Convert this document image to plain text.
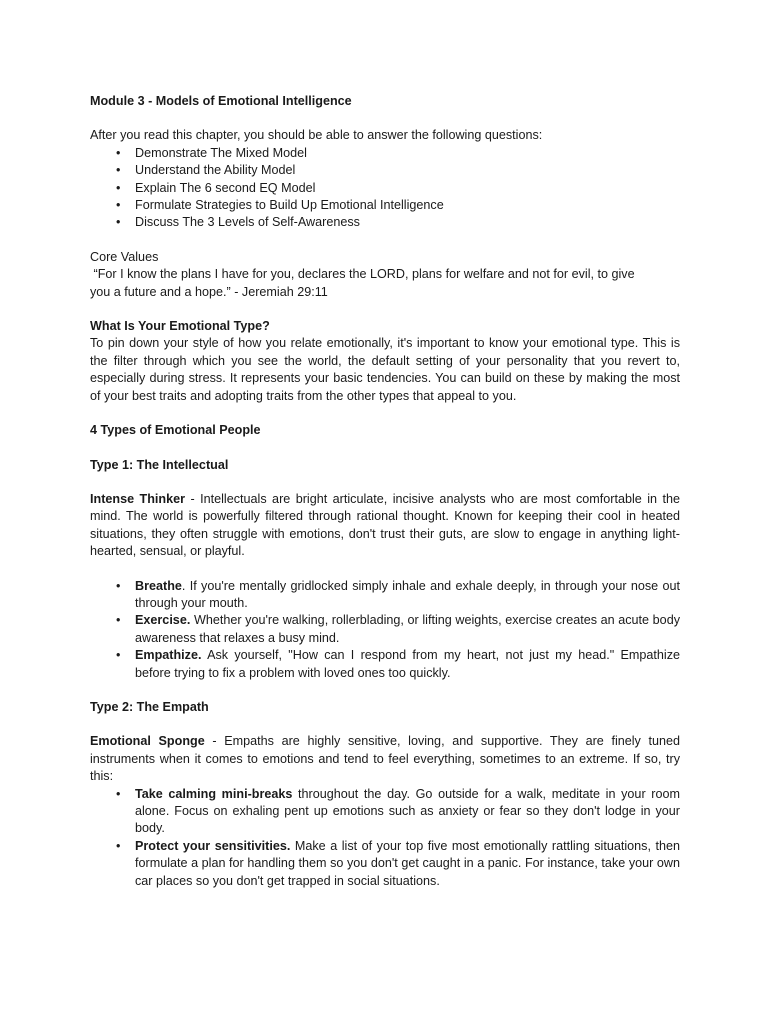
Module 3 - Models of Emotional Intelligence

After you read this chapter, you should be able to answer the following questions:

• Demonstrate The Mixed Model
• Understand the Ability Model
• Explain The 6 second EQ Model
• Formulate Strategies to Build Up Emotional Intelligence
• Discuss The 3 Levels of Self-Awareness

Core Values

“For I know the plans I have for you, declares the LORD, plans for welfare and not for evil, to give

you a future and a hope.” - Jeremiah 29:11

What Is Your Emotional Type?

To pin down your style of how you relate emotionally, it's important to know your emotional type. This is the filter through which you see the world, the default setting of your personality that you revert to, especially during stress. It represents your basic tendencies. You can build on these by making the most of your best traits and adopting traits from the other types that appeal to you.

4 Types of Emotional People

Type 1: The Intellectual

Intense Thinker - Intellectuals are bright articulate, incisive analysts who are most comfortable in the mind. The world is powerfully filtered through rational thought. Known for keeping their cool in heated situations, they often struggle with emotions, don't trust their guts, are slow to engage in anything light-hearted, sensual, or playful.

• Breathe. If you're mentally gridlocked simply inhale and exhale deeply, in through your nose out through your mouth.
• Exercise. Whether you're walking, rollerblading, or lifting weights, exercise creates an acute body awareness that relaxes a busy mind.
• Empathize. Ask yourself, "How can I respond from my heart, not just my head." Empathize before trying to fix a problem with loved ones too quickly.

Type 2: The Empath

Emotional Sponge - Empaths are highly sensitive, loving, and supportive. They are finely tuned instruments when it comes to emotions and tend to feel everything, sometimes to an extreme. If so, try this:

• Take calming mini-breaks throughout the day. Go outside for a walk, meditate in your room alone. Focus on exhaling pent up emotions such as anxiety or fear so they don't lodge in your body.
• Protect your sensitivities. Make a list of your top five most emotionally rattling situations, then formulate a plan for handling them so you don't get caught in a panic. For instance, take your own car places so you don't get trapped in social situations.
